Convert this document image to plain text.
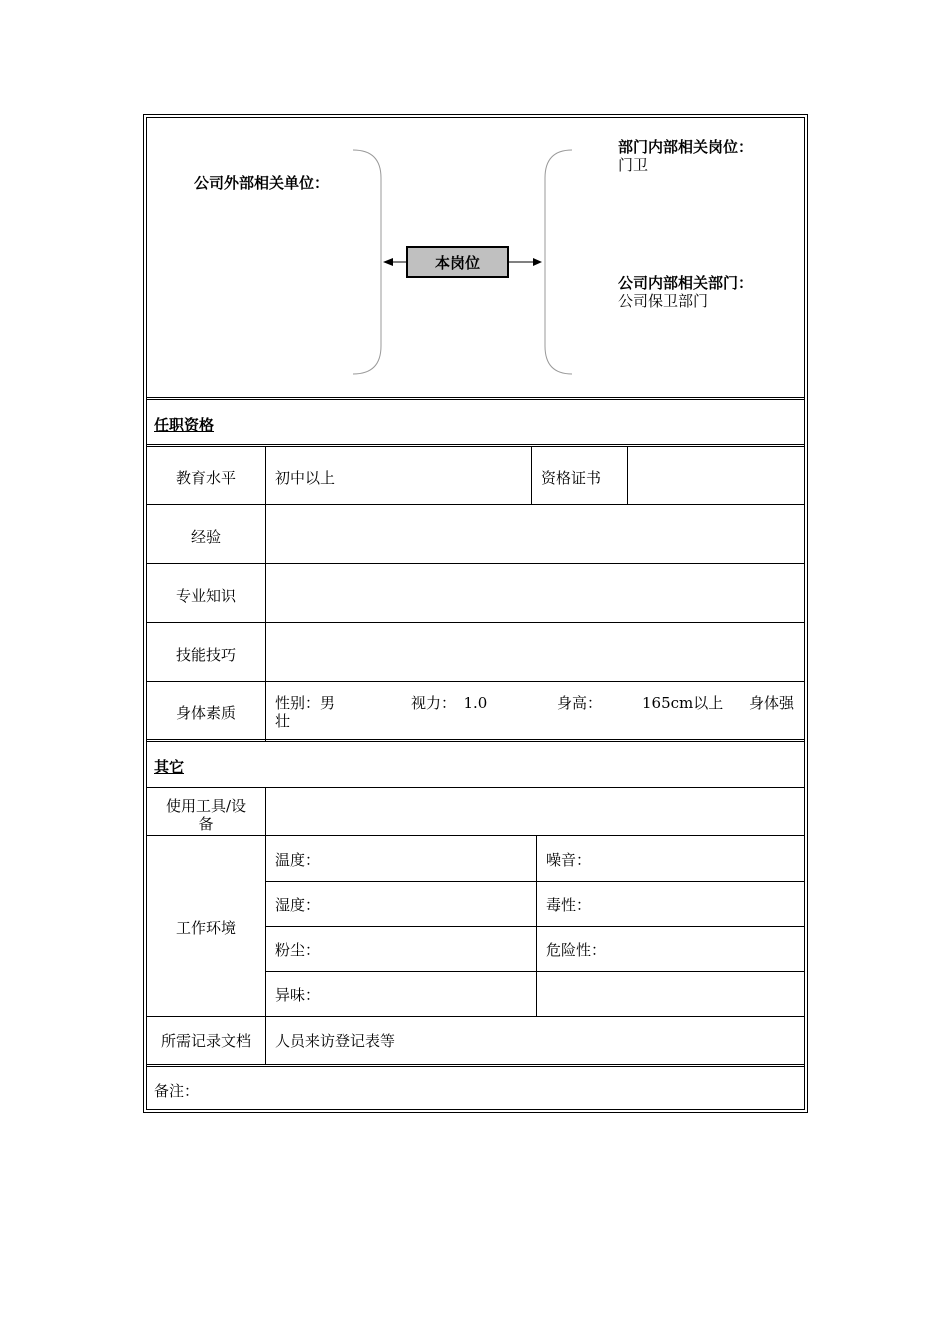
公司外部相关单位：
部门内部相关岗位：
门卫
本岗位
公司内部相关部门：
公司保卫部门
任职资格
教育水平	初中以上	资格证书
经验
专业知识
技能技巧
身体素质
性别：男	视力：　1.0	身高：	165cm以上 身体强
壮
其它
使用工具/设
备
工作环境
温度：	噪音：
湿度：	毒性：
粉尘：	危险性：
异味：
所需记录文档	人员来访登记表等
备注：
